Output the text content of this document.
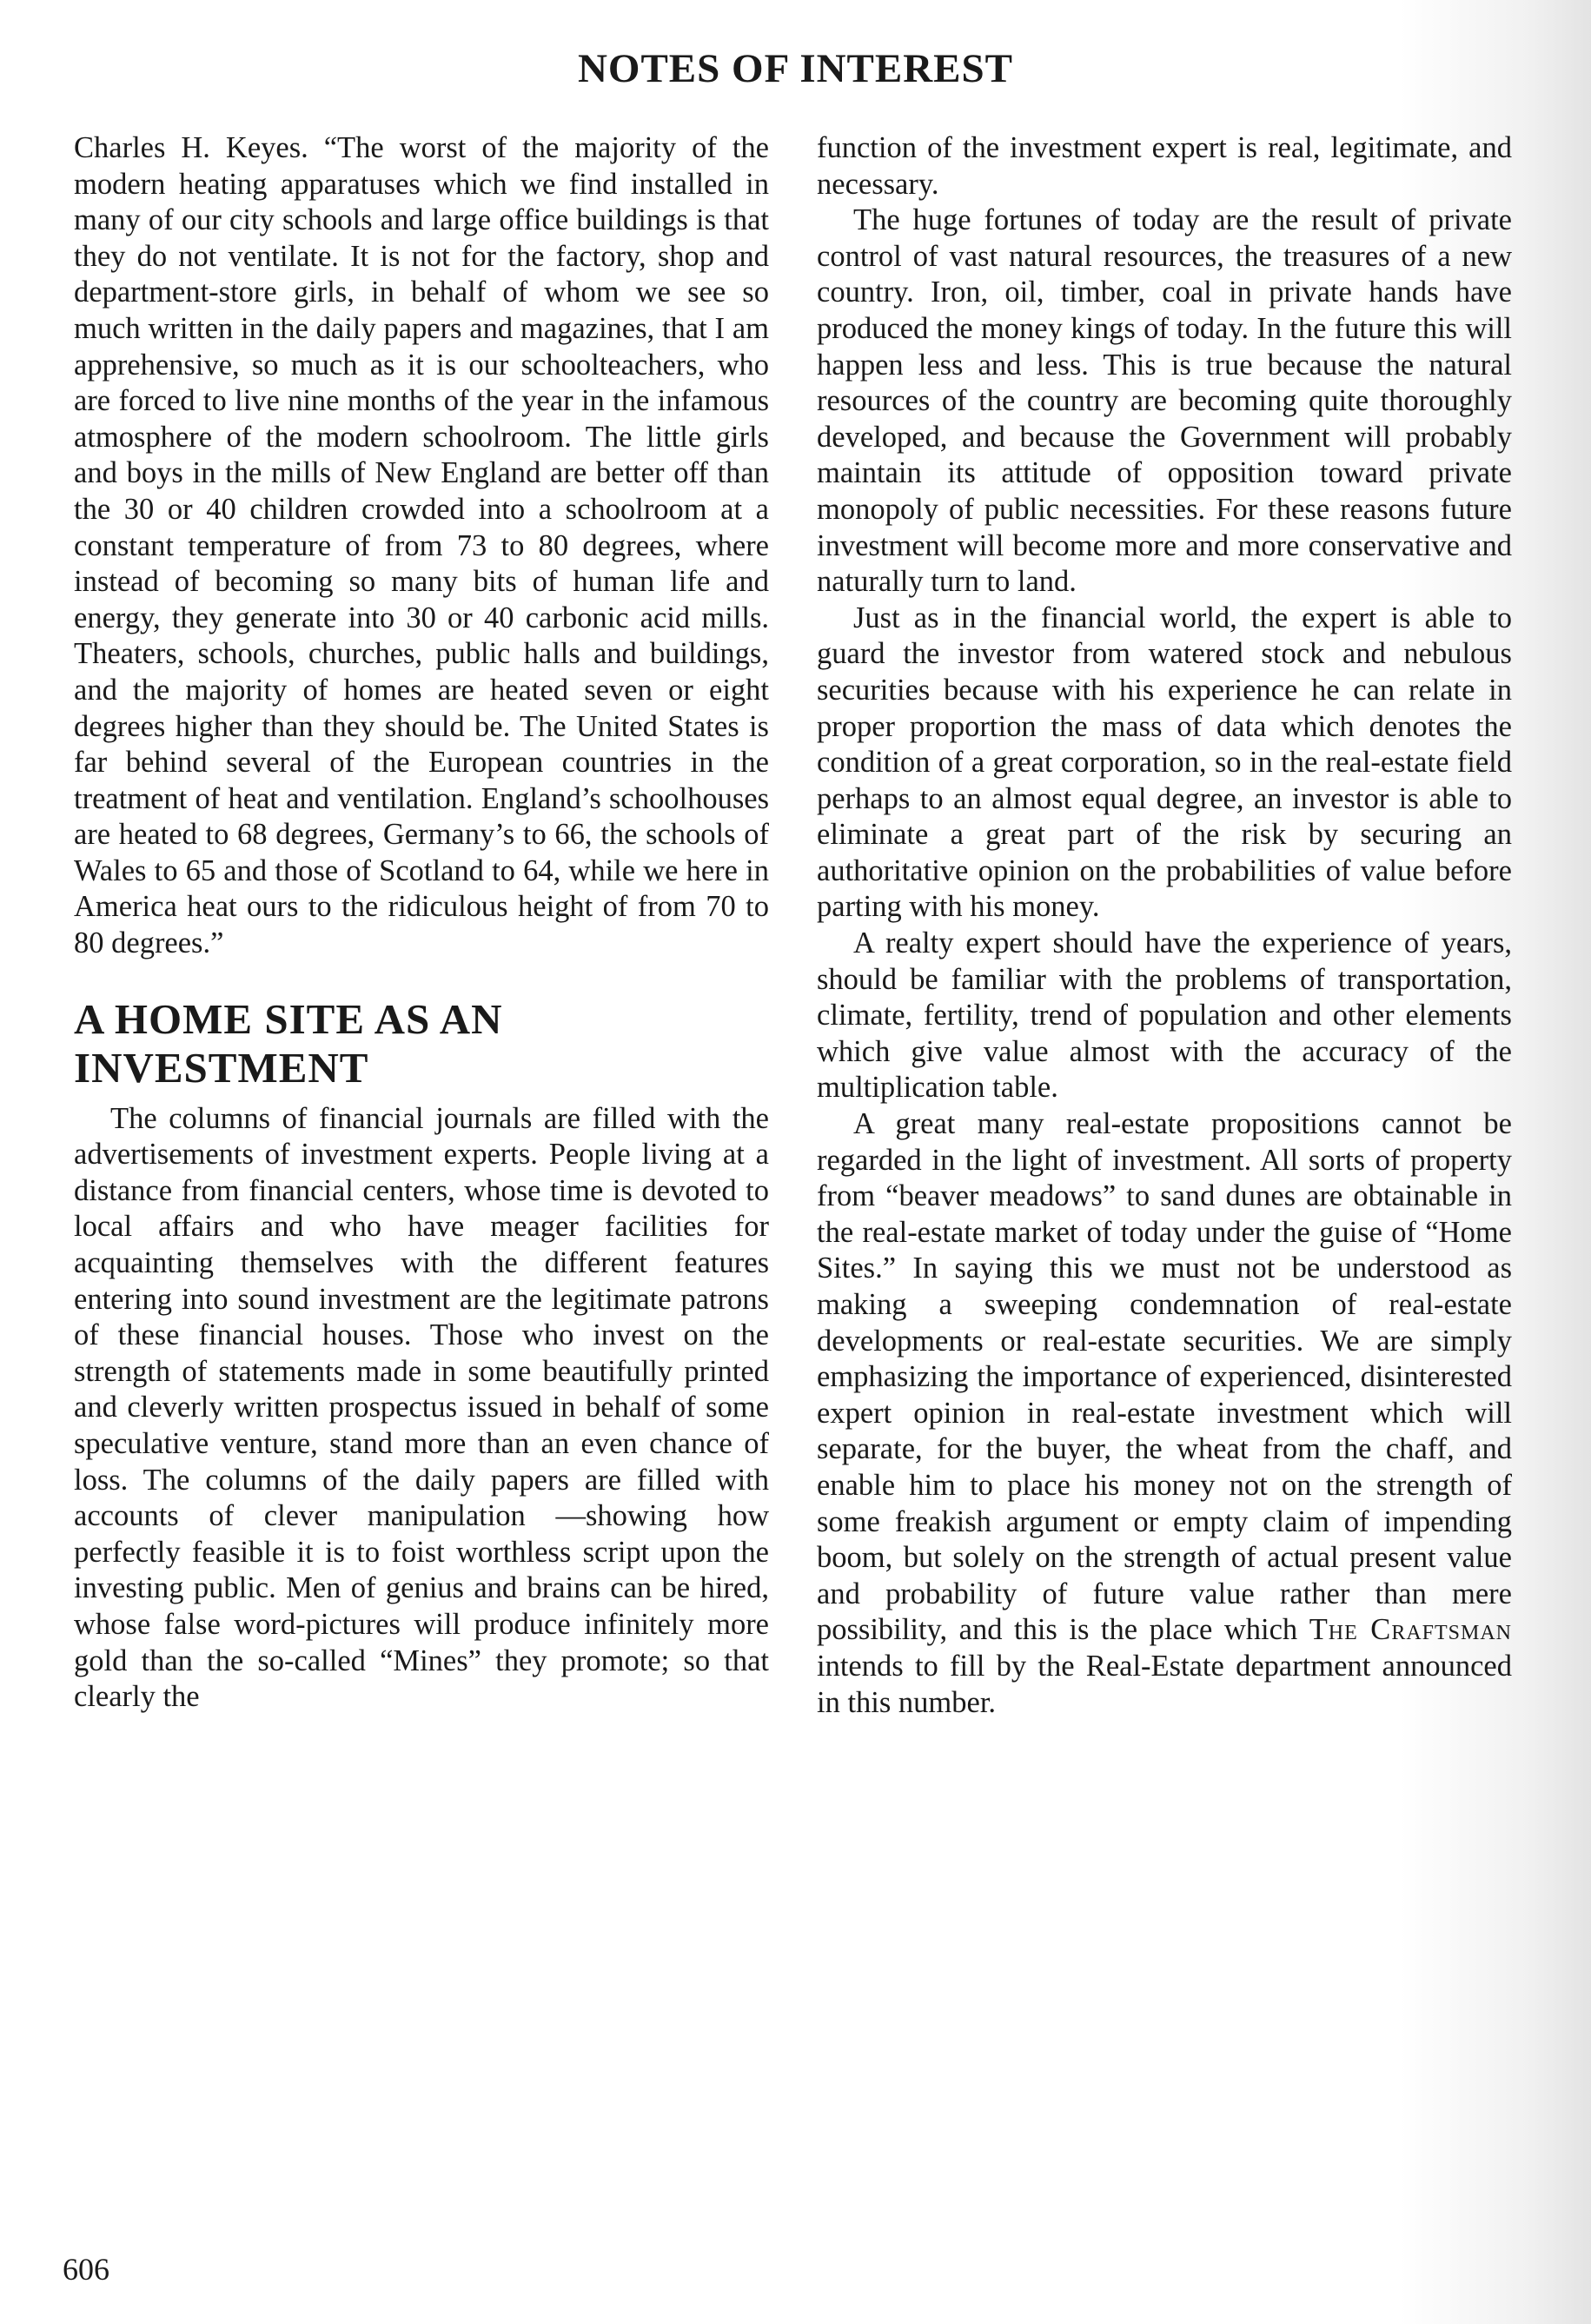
NOTES OF INTEREST

Charles H. Keyes. “The worst of the majority of the modern heating apparatuses which we find installed in many of our city schools and large office buildings is that they do not ventilate. It is not for the factory, shop and department-store girls, in behalf of whom we see so much written in the daily papers and magazines, that I am apprehensive, so much as it is our schoolteachers, who are forced to live nine months of the year in the infamous atmosphere of the modern schoolroom. The little girls and boys in the mills of New England are better off than the 30 or 40 children crowded into a schoolroom at a constant temperature of from 73 to 80 degrees, where instead of becoming so many bits of human life and energy, they generate into 30 or 40 carbonic acid mills. Theaters, schools, churches, public halls and buildings, and the majority of homes are heated seven or eight degrees higher than they should be. The United States is far behind several of the European countries in the treatment of heat and ventilation. England’s schoolhouses are heated to 68 degrees, Germany’s to 66, the schools of Wales to 65 and those of Scotland to 64, while we here in America heat ours to the ridiculous height of from 70 to 80 degrees.”

A HOME SITE AS AN INVESTMENT

The columns of financial journals are filled with the advertisements of investment experts. People living at a distance from financial centers, whose time is devoted to local affairs and who have meager facilities for acquainting themselves with the different features entering into sound investment are the legitimate patrons of these financial houses. Those who invest on the strength of statements made in some beautifully printed and cleverly written prospectus issued in behalf of some speculative venture, stand more than an even chance of loss. The columns of the daily papers are filled with accounts of clever manipulation —showing how perfectly feasible it is to foist worthless script upon the investing public. Men of genius and brains can be hired, whose false word-pictures will produce infinitely more gold than the so-called “Mines” they promote; so that clearly the

function of the investment expert is real, legitimate, and necessary.

The huge fortunes of today are the result of private control of vast natural resources, the treasures of a new country. Iron, oil, timber, coal in private hands have produced the money kings of today. In the future this will happen less and less. This is true because the natural resources of the country are becoming quite thoroughly developed, and because the Government will probably maintain its attitude of opposition toward private monopoly of public necessities. For these reasons future investment will become more and more conservative and naturally turn to land.

Just as in the financial world, the expert is able to guard the investor from watered stock and nebulous securities because with his experience he can relate in proper proportion the mass of data which denotes the condition of a great corporation, so in the real-estate field perhaps to an almost equal degree, an investor is able to eliminate a great part of the risk by securing an authoritative opinion on the probabilities of value before parting with his money.

A realty expert should have the experience of years, should be familiar with the problems of transportation, climate, fertility, trend of population and other elements which give value almost with the accuracy of the multiplication table.

A great many real-estate propositions cannot be regarded in the light of investment. All sorts of property from “beaver meadows” to sand dunes are obtainable in the real-estate market of today under the guise of “Home Sites.” In saying this we must not be understood as making a sweeping condemnation of real-estate developments or real-estate securities. We are simply emphasizing the importance of experienced, disinterested expert opinion in real-estate investment which will separate, for the buyer, the wheat from the chaff, and enable him to place his money not on the strength of some freakish argument or empty claim of impending boom, but solely on the strength of actual present value and probability of future value rather than mere possibility, and this is the place which The Craftsman intends to fill by the Real-Estate department announced in this number.

606
